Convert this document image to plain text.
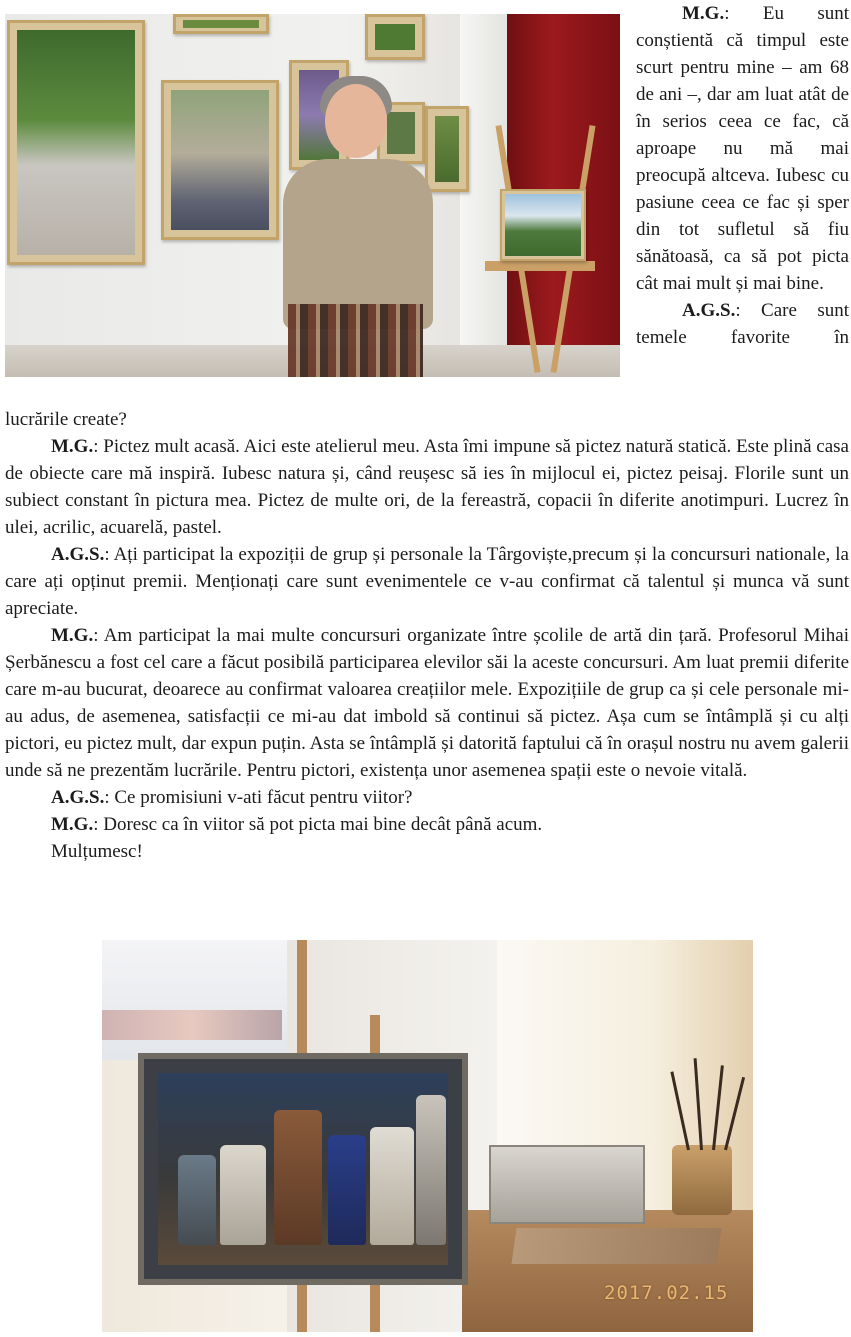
M.G.: Eu sunt conștientă că timpul este scurt pentru mine – am 68 de ani –, dar am luat atât de în serios ceea ce fac, că aproape nu mă mai preocupă altceva. Iubesc cu pasiune ceea ce fac și sper din tot sufletul să fiu sănătoasă, ca să pot picta cât mai mult și mai bine.

A.G.S.: Care sunt temele favorite în

lucrările create?

M.G.: Pictez mult acasă. Aici este atelierul meu. Asta îmi impune să pictez natură statică. Este plină casa de obiecte care mă inspiră. Iubesc natura și, când reușesc să ies în mijlocul ei, pictez peisaj. Florile sunt un subiect constant în pictura mea. Pictez de multe ori, de la fereastră, copacii în diferite anotimpuri. Lucrez în ulei, acrilic, acuarelă, pastel.

A.G.S.: Ați participat la expoziții de grup și personale la Târgoviște,precum și la concursuri nationale, la care ați opținut premii. Menționați care sunt evenimentele ce v-au confirmat că talentul și munca vă sunt apreciate.

M.G.: Am participat la mai multe concursuri organizate între școlile de artă din țară. Profesorul Mihai Șerbănescu a fost cel care a făcut posibilă participarea elevilor săi la aceste concursuri. Am luat premii diferite care m-au bucurat, deoarece au confirmat valoarea creațiilor mele. Expozițiile de grup ca și cele personale mi-au adus, de asemenea, satisfacții ce mi-au dat imbold să continui să pictez. Așa cum se întâmplă și cu alți pictori, eu pictez mult, dar expun puțin. Asta se întâmplă și datorită faptului că în orașul nostru nu avem galerii unde să ne prezentăm lucrările. Pentru pictori, existența unor asemenea spații este o nevoie vitală.

A.G.S.: Ce promisiuni v-ati făcut pentru viitor?

M.G.: Doresc ca în viitor să pot picta mai bine decât până acum.

Mulțumesc!

2017.02.15
